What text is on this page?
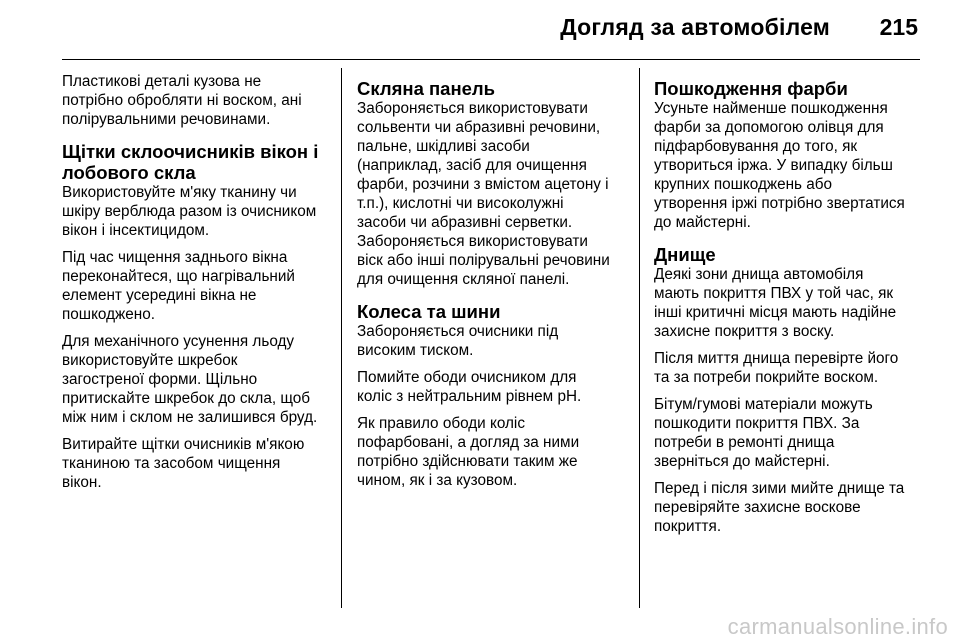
Догляд за автомобілем 215

Пластикові деталі кузова не
потрібно обробляти ні воском, ані
полірувальними речовинами.

Щітки склоочисників вікон і
лобового скла

Використовуйте м'яку тканину чи
шкіру верблюда разом із очисником
вікон і інсектицидом.

Під час чищення заднього вікна
переконайтеся, що нагрівальний
елемент усередині вікна не
пошкоджено.

Для механічного усунення льоду
використовуйте шкребок
загостреної форми. Щільно
притискайте шкребок до скла, щоб
між ним і склом не залишився бруд.

Витирайте щітки очисників м'якою
тканиною та засобом чищення
вікон.

Скляна панель

Забороняється використовувати
сольвенти чи абразивні речовини,
пальне, шкідливі засоби
(наприклад, засіб для очищення
фарби, розчини з вмістом ацетону і
т.п.), кислотні чи високолужні
засоби чи абразивні серветки.
Забороняється використовувати
віск або інші полірувальні речовини
для очищення скляної панелі.

Колеса та шини

Забороняється очисники під
високим тиском.

Помийте ободи очисником для
коліс з нейтральним рівнем pH.

Як правило ободи коліс
пофарбовані, а догляд за ними
потрібно здійснювати таким же
чином, як і за кузовом.

Пошкодження фарби

Усуньте найменше пошкодження
фарби за допомогою олівця для
підфарбовування до того, як
утвориться іржа. У випадку більш
крупних пошкоджень або
утворення іржі потрібно звертатися
до майстерні.

Днище

Деякі зони днища автомобіля
мають покриття ПВХ у той час, як
інші критичні місця мають надійне
захисне покриття з воску.

Після миття днища перевірте його
та за потреби покрийте воском.

Бітум/гумові матеріали можуть
пошкодити покриття ПВХ. За
потреби в ремонті днища
зверніться до майстерні.

Перед і після зими мийте днище та
перевіряйте захисне воскове
покриття.

carmanualsonline.info
